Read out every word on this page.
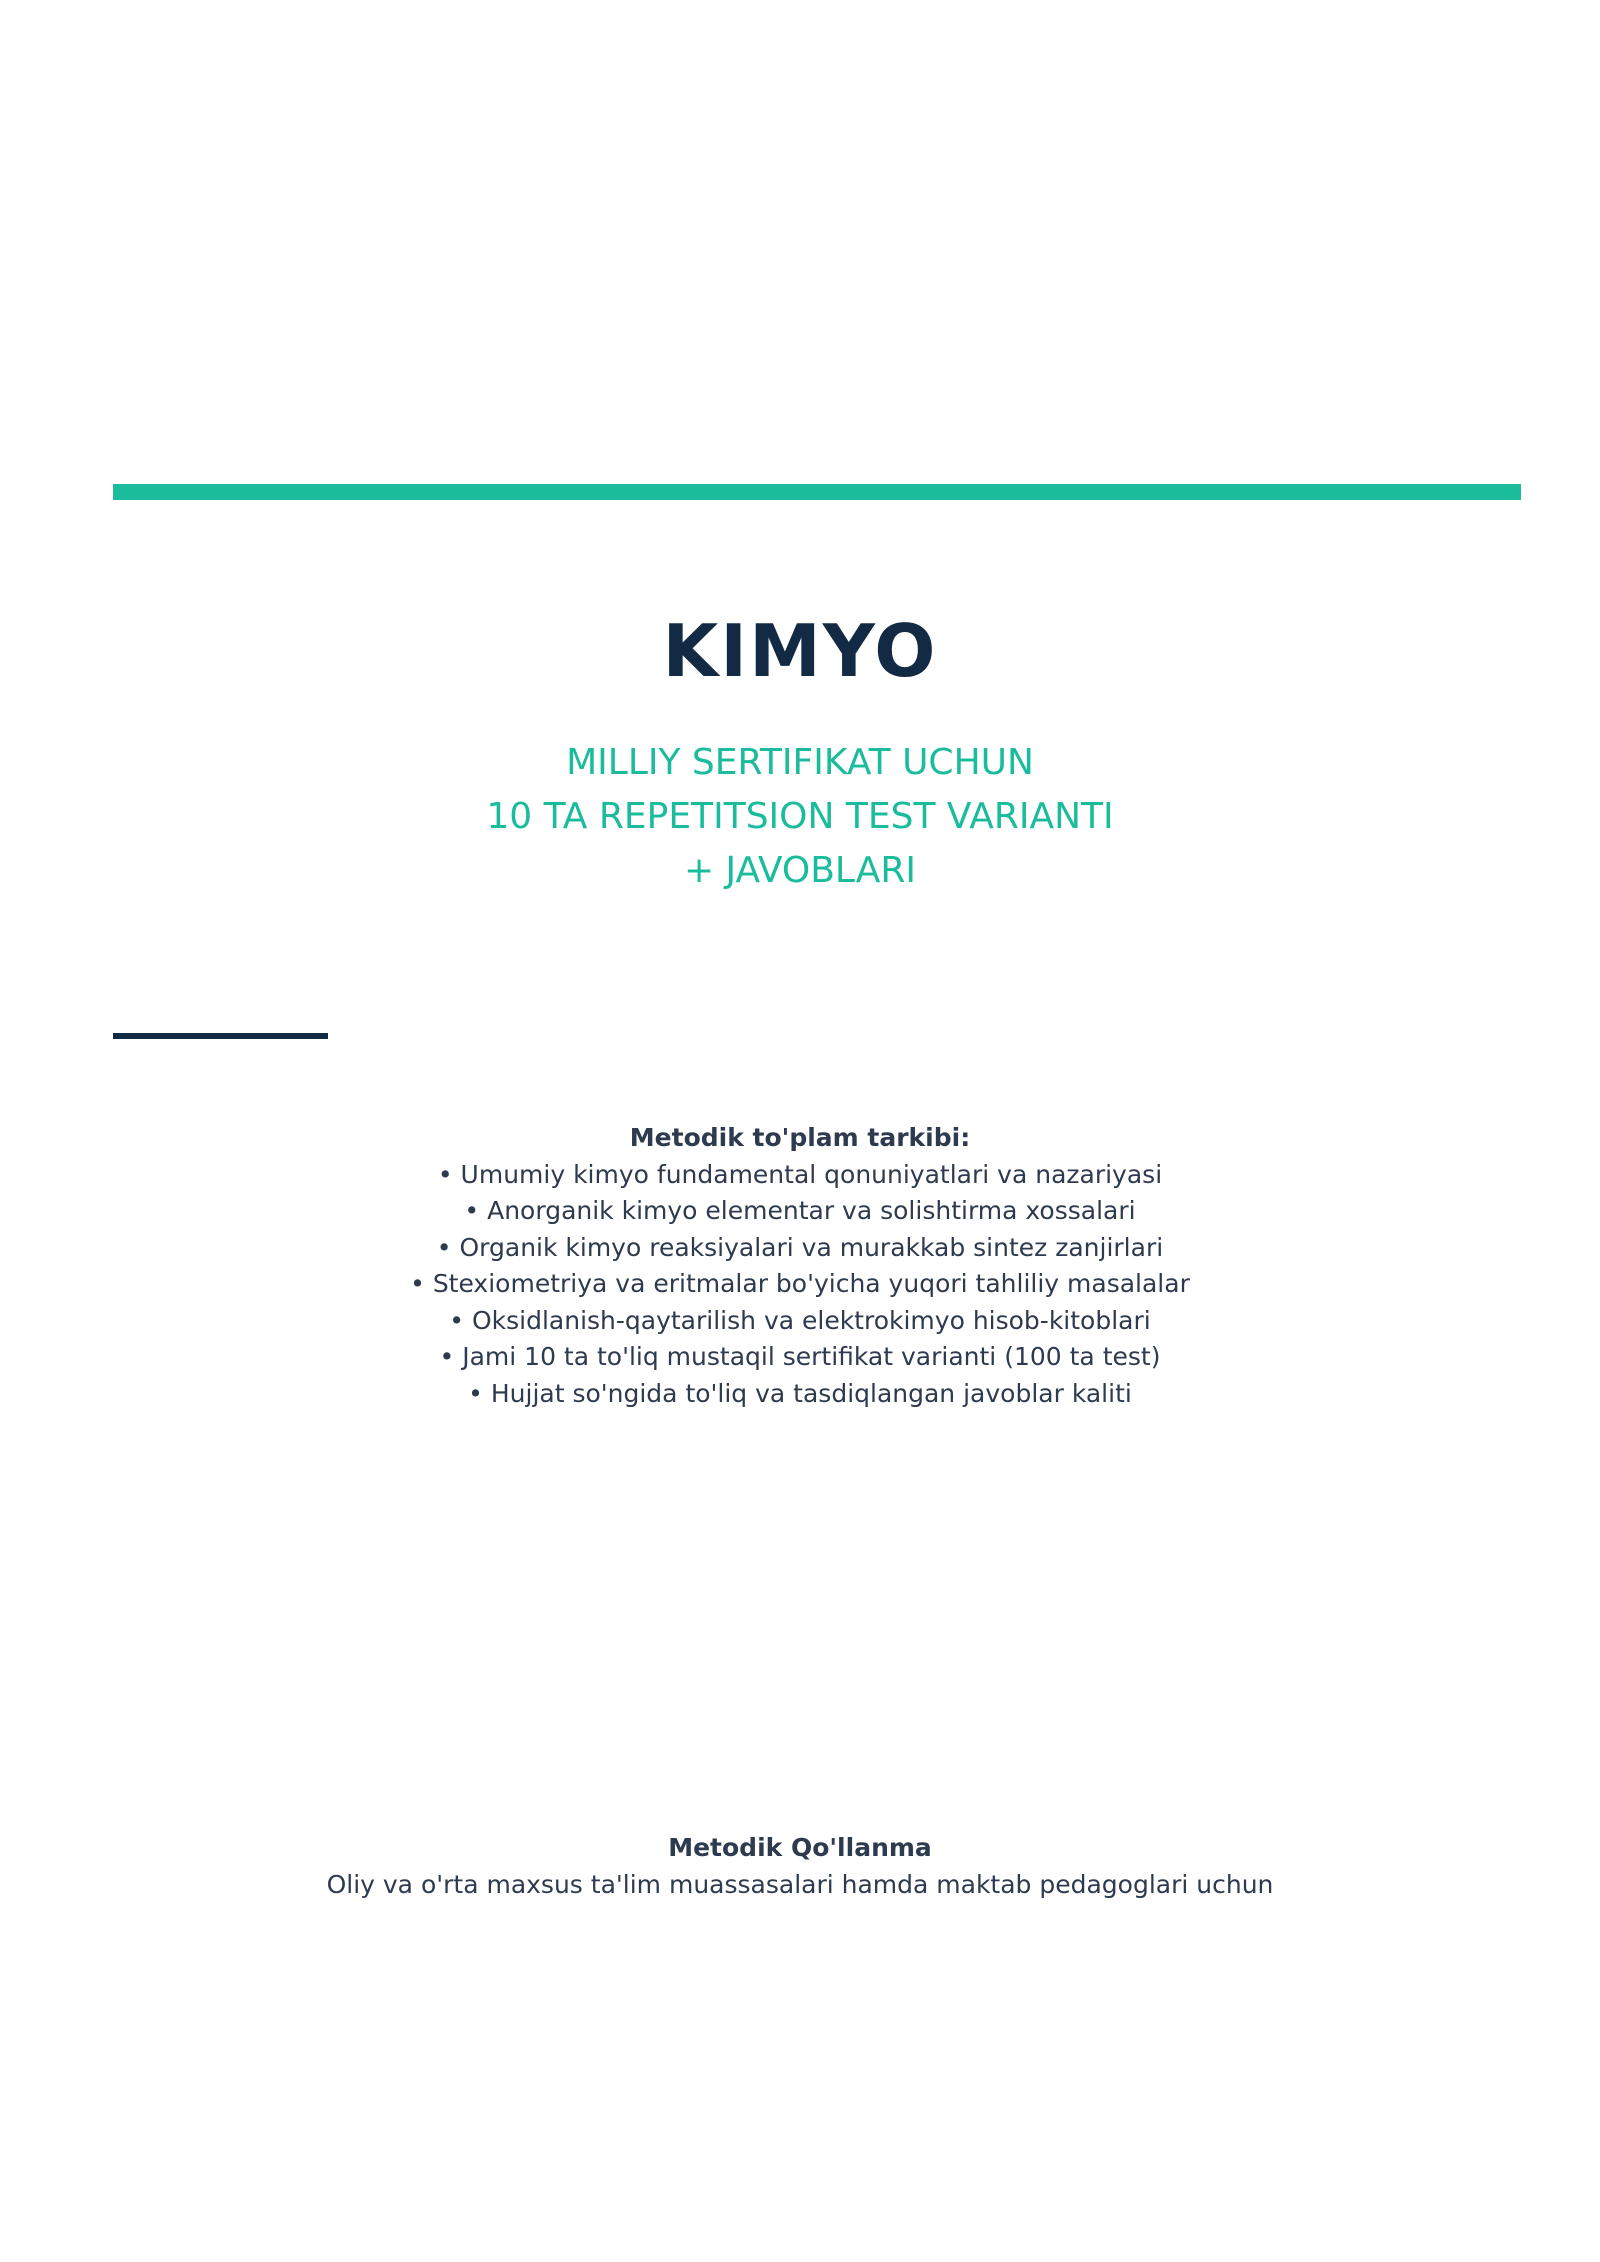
KIMYO
MILLIY SERTIFIKAT UCHUN
10 TA REPETITSION TEST VARIANTI
+ JAVOBLARI
Metodik to'plam tarkibi:
• Umumiy kimyo fundamental qonuniyatlari va nazariyasi
• Anorganik kimyo elementar va solishtirma xossalari
• Organik kimyo reaksiyalari va murakkab sintez zanjirlari
• Stexiometriya va eritmalar bo'yicha yuqori tahliliy masalalar
• Oksidlanish-qaytarilish va elektrokimyo hisob-kitoblari
• Jami 10 ta to'liq mustaqil sertifikat varianti (100 ta test)
• Hujjat so'ngida to'liq va tasdiqlangan javoblar kaliti
Metodik Qo'llanma
Oliy va o'rta maxsus ta'lim muassasalari hamda maktab pedagoglari uchun
